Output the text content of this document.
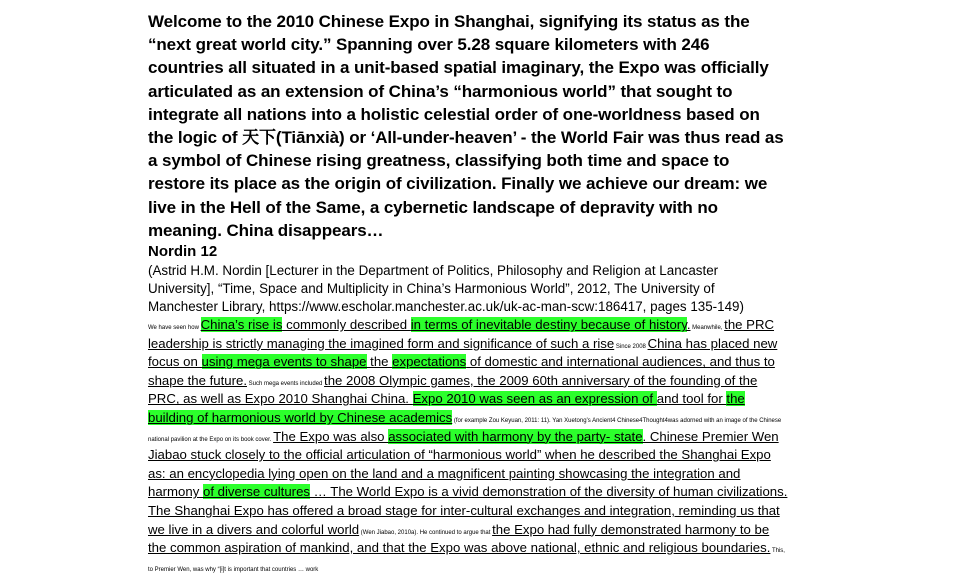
Welcome to the 2010 Chinese Expo in Shanghai, signifying its status as the “next great world city.” Spanning over 5.28 square kilometers with 246 countries all situated in a unit-based spatial imaginary, the Expo was officially articulated as an extension of China’s “harmonious world” that sought to integrate all nations into a holistic celestial order of one-worldness based on the logic of 天下(Tiānxià) or ‘All-under-heaven’ - the World Fair was thus read as a symbol of Chinese rising greatness, classifying both time and space to restore its place as the origin of civilization. Finally we achieve our dream: we live in the Hell of the Same, a cybernetic landscape of depravity with no meaning. China disappears…

Nordin 12

(Astrid H.M. Nordin [Lecturer in the Department of Politics, Philosophy and Religion at Lancaster University], “Time, Space and Multiplicity in China’s Harmonious World”, 2012, The University of Manchester Library, https://www.escholar.manchester.ac.uk/uk-ac-man-scw:186417, pages 135-149)

We have seen how China’s rise is commonly described in terms of inevitable destiny because of history. Meanwhile, the PRC leadership is strictly managing the imagined form and significance of such a rise Since 2008 China has placed new focus on using mega events to shape the expectations of domestic and international audiences, and thus to shape the future. Such mega events included the 2008 Olympic games, the 2009 60th anniversary of the founding of the PRC, as well as Expo 2010 Shanghai China. Expo 2010 was seen as an expression of and tool for the building of harmonious world by Chinese academics (for example Zou Keyuan, 2011: 11). Yan Xuetong’s Ancient4 Chinese4Thought4was adorned with an image of the Chinese national pavilion at the Expo on its book cover. The Expo was also associated with harmony by the party- state. Chinese Premier Wen Jiabao stuck closely to the official articulation of “harmonious world” when he described the Shanghai Expo as: an encyclopedia lying open on the land and a magnificent painting showcasing the integration and harmony of diverse cultures … The World Expo is a vivid demonstration of the diversity of human civilizations. The Shanghai Expo has offered a broad stage for inter-cultural exchanges and integration, reminding us that we live in a divers and colorful world (Wen Jiabao, 2010a). He continued to argue that the Expo had fully demonstrated harmony to be the common aspiration of mankind, and that the Expo was above national, ethnic and religious boundaries. This, to Premier Wen, was why “[i]t is important that countries … work
